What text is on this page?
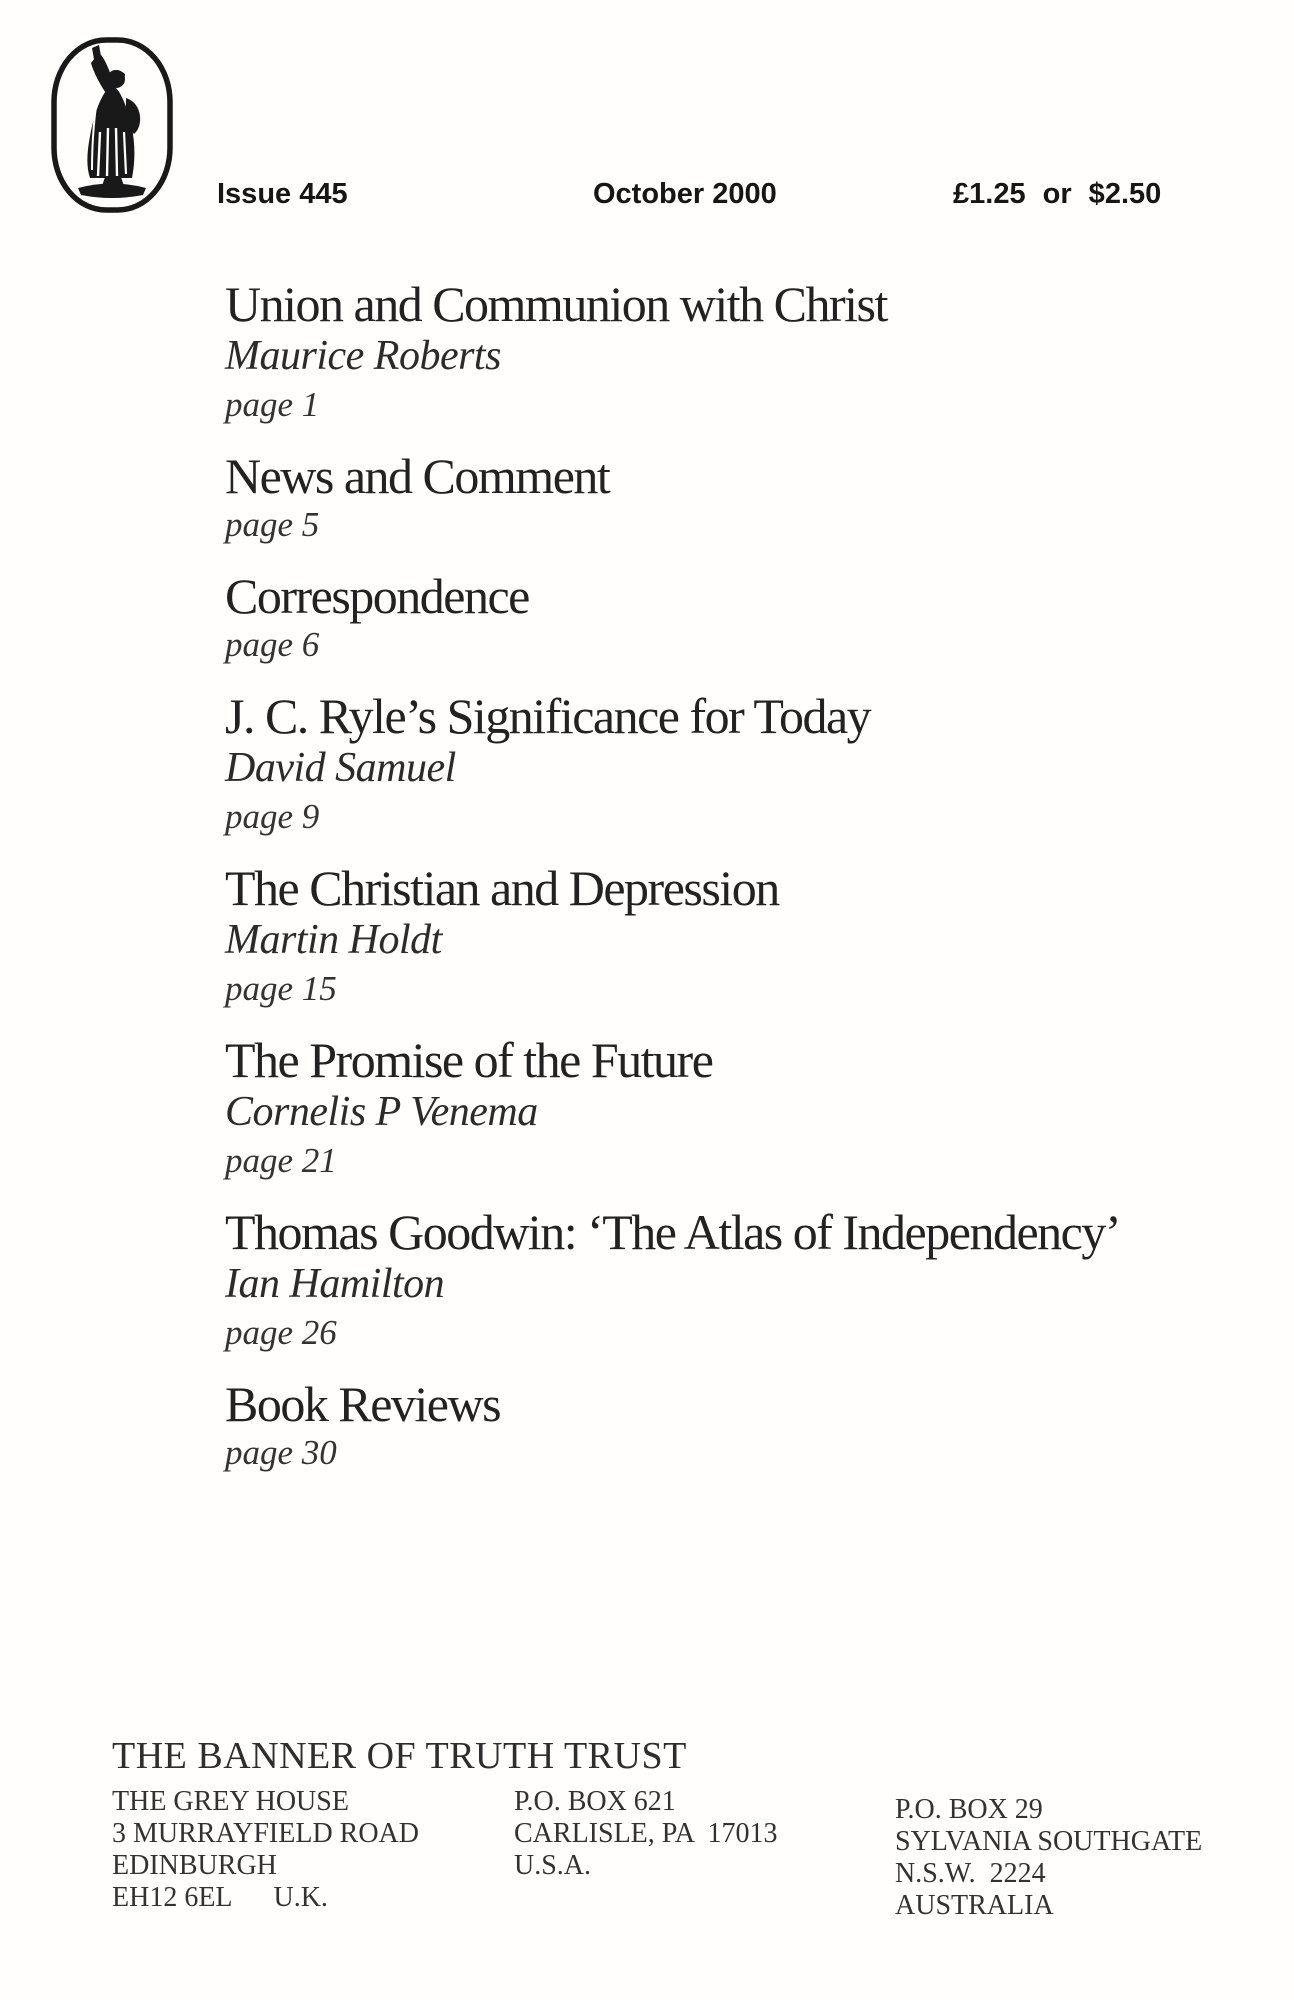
Issue 445	October 2000	£1.25 or $2.50
Union and Communion with Christ
Maurice Roberts
page 1
News and Comment
page 5
Correspondence
page 6
J. C. Ryle’s Significance for Today
David Samuel
page 9
The Christian and Depression
Martin Holdt
page 15
The Promise of the Future
Cornelis P Venema
page 21
Thomas Goodwin: ‘The Atlas of Independency’
Ian Hamilton
page 26
Book Reviews
page 30
THE BANNER OF TRUTH TRUST
THE GREY HOUSE
3 MURRAYFIELD ROAD
EDINBURGH
EH12 6EL      U.K.
P.O. BOX 621
CARLISLE, PA  17013
U.S.A.
P.O. BOX 29
SYLVANIA SOUTHGATE
N.S.W.  2224
AUSTRALIA
